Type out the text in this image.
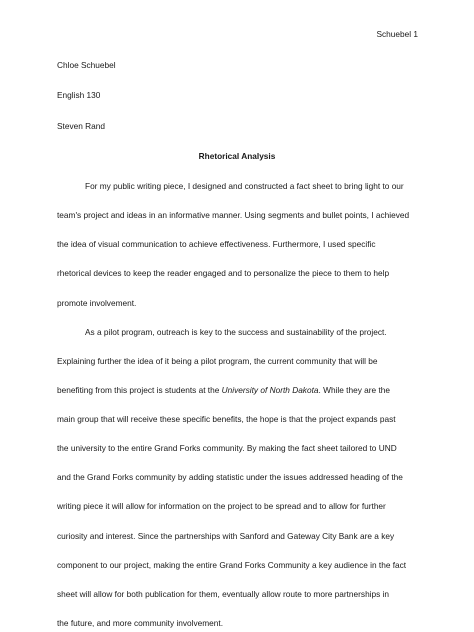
Schuebel 1
Chloe Schuebel
English 130
Steven Rand
Rhetorical Analysis
For my public writing piece, I designed and constructed a fact sheet to bring light to our
team's project and ideas in an informative manner. Using segments and bullet points, I achieved
the idea of visual communication to achieve effectiveness. Furthermore, I used specific
rhetorical devices to keep the reader engaged and to personalize the piece to them to help
promote involvement.
As a pilot program, outreach is key to the success and sustainability of the project.
Explaining further the idea of it being a pilot program, the current community that will be
benefiting from this project is students at the University of North Dakota. While they are the
main group that will receive these specific benefits, the hope is that the project expands past
the university to the entire Grand Forks community. By making the fact sheet tailored to UND
and the Grand Forks community by adding statistic under the issues addressed heading of the
writing piece it will allow for information on the project to be spread and to allow for further
curiosity and interest. Since the partnerships with Sanford and Gateway City Bank are a key
component to our project, making the entire Grand Forks Community a key audience in the fact
sheet will allow for both publication for them, eventually allow route to more partnerships in
the future, and more community involvement.
